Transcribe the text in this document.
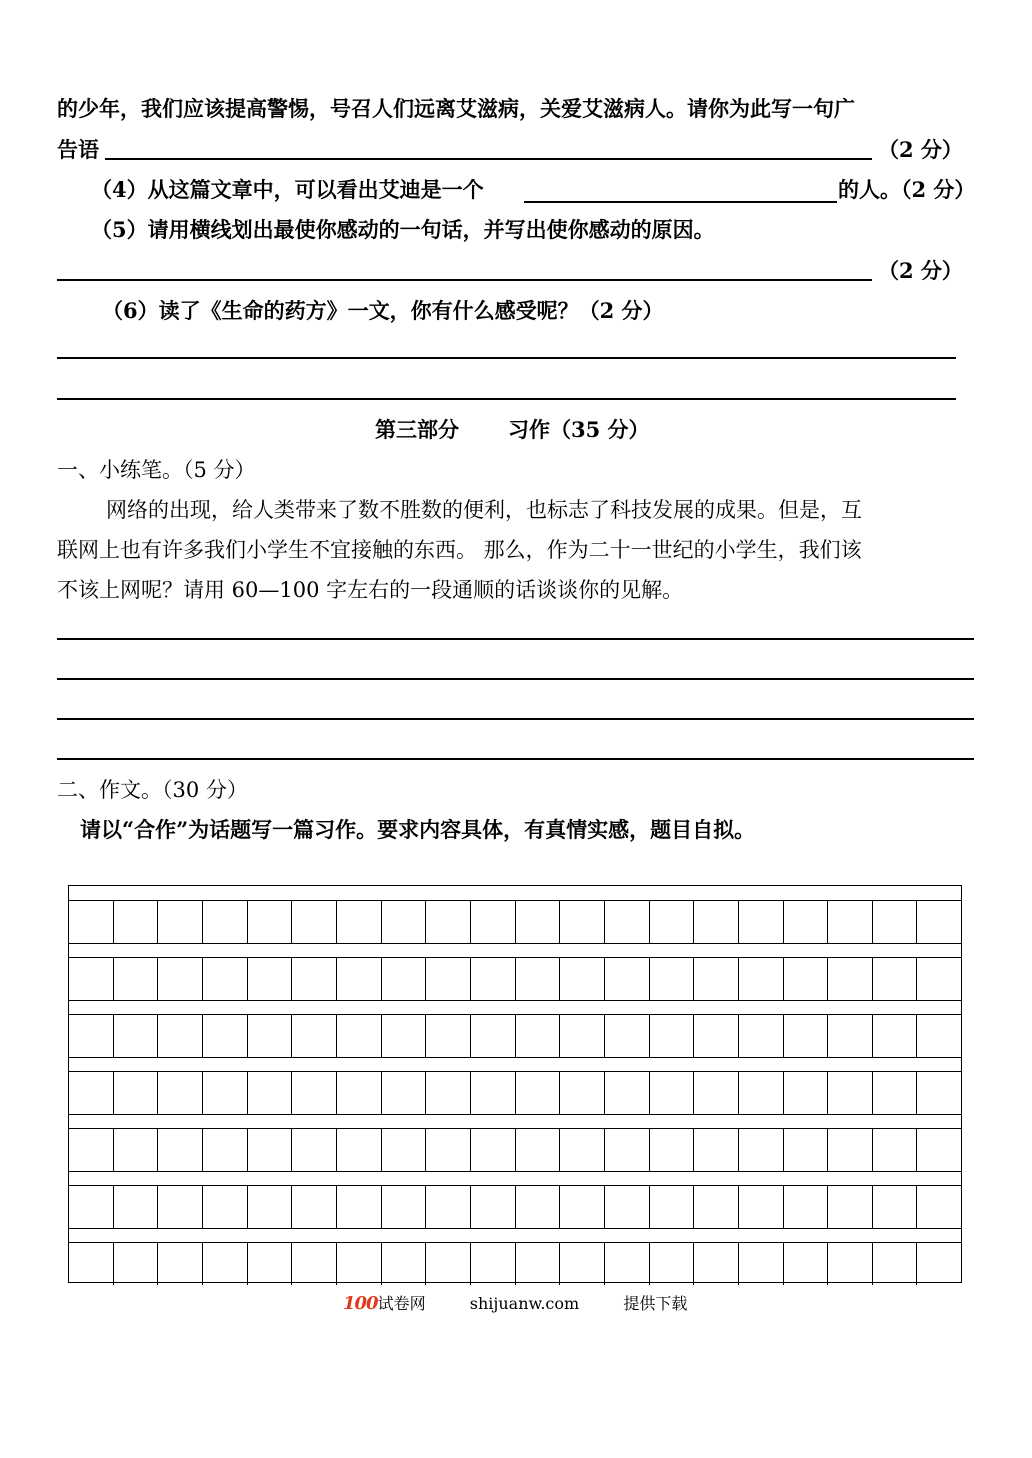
的少年，我们应该提高警惕，号召人们远离艾滋病，关爱艾滋病人。请你为此写一句广
告语	（2 分）
（4）从这篇文章中，可以看出艾迪是一个	的人。（2 分）
（5）请用横线划出最使你感动的一句话，并写出使你感动的原因。
（2 分）
（6）读了《生命的药方》一文，你有什么感受呢？（2 分）
第三部分 习作（35 分）
一、小练笔。（5 分）
网络的出现，给人类带来了数不胜数的便利，也标志了科技发展的成果。但是，互
联网上也有许多我们小学生不宜接触的东西。 那么，作为二十一世纪的小学生，我们该
不该上网呢？请用 60—100 字左右的一段通顺的话谈谈你的见解。
二、作文。（30 分）
请以“合作”为话题写一篇习作。要求内容具体，有真情实感，题目自拟。
100试卷网	shijuanw.com	提供下载
